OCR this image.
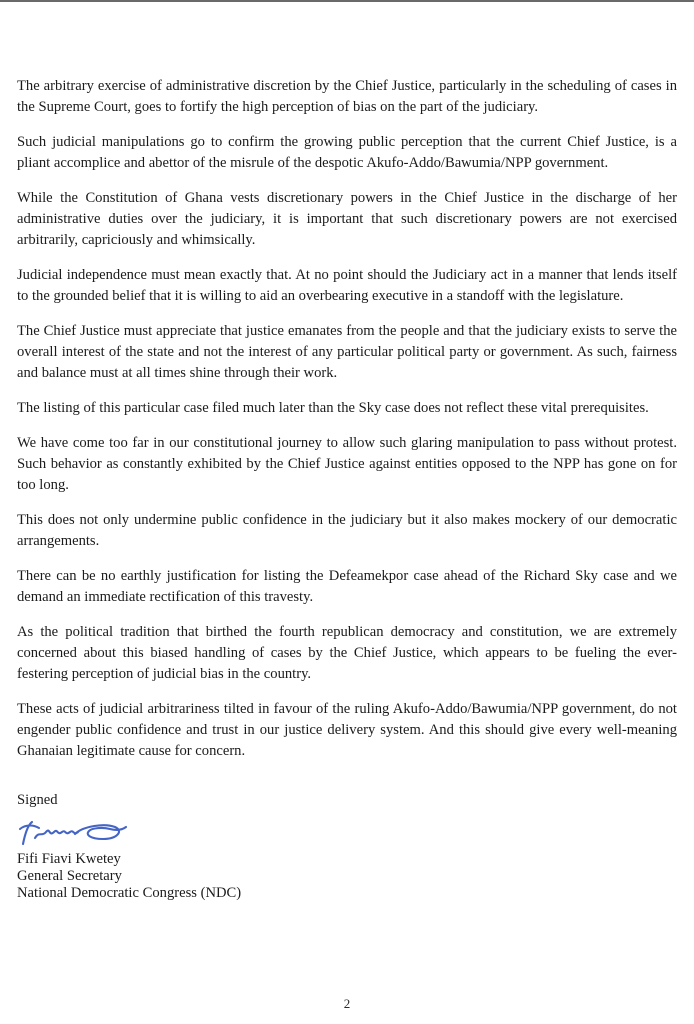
The arbitrary exercise of administrative discretion by the Chief Justice, particularly in the scheduling of cases in the Supreme Court, goes to fortify the high perception of bias on the part of the judiciary.

Such judicial manipulations go to confirm the growing public perception that the current Chief Justice, is a pliant accomplice and abettor of the misrule of the despotic Akufo-Addo/Bawumia/NPP government.

While the Constitution of Ghana vests discretionary powers in the Chief Justice in the discharge of her administrative duties over the judiciary, it is important that such discretionary powers are not exercised arbitrarily, capriciously and whimsically.

Judicial independence must mean exactly that. At no point should the Judiciary act in a manner that lends itself to the grounded belief that it is willing to aid an overbearing executive in a standoff with the legislature.

The Chief Justice must appreciate that justice emanates from the people and that the judiciary exists to serve the overall interest of the state and not the interest of any particular political party or government. As such, fairness and balance must at all times shine through their work.

The listing of this particular case filed much later than the Sky case does not reflect these vital prerequisites.

We have come too far in our constitutional journey to allow such glaring manipulation to pass without protest. Such behavior as constantly exhibited by the Chief Justice against entities opposed to the NPP has gone on for too long.

This does not only undermine public confidence in the judiciary but it also makes mockery of our democratic arrangements.

There can be no earthly justification for listing the Defeamekpor case ahead of the Richard Sky case and we demand an immediate rectification of this travesty.

As the political tradition that birthed the fourth republican democracy and constitution, we are extremely concerned about this biased handling of cases by the Chief Justice, which appears to be fueling the ever-festering perception of judicial bias in the country.

These acts of judicial arbitrariness tilted in favour of the ruling Akufo-Addo/Bawumia/NPP government, do not engender public confidence and trust in our justice delivery system. And this should give every well-meaning Ghanaian legitimate cause for concern.

Signed
Fifi Fiavi Kwetey
General Secretary
National Democratic Congress (NDC)
2
